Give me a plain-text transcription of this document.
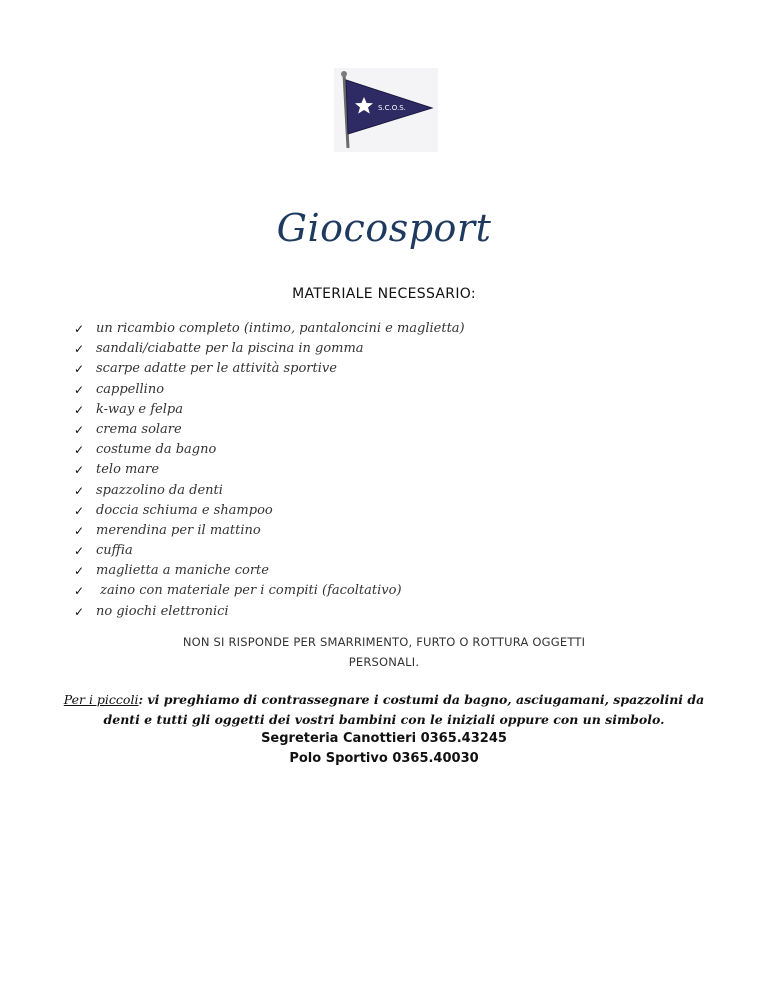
S.C.O.S.
Giocosport
MATERIALE NECESSARIO:
✓ un ricambio completo (intimo, pantaloncini e maglietta)
✓ sandali/ciabatte per la piscina in gomma
✓ scarpe adatte per le attività sportive
✓ cappellino
✓ k-way e felpa
✓ crema solare
✓ costume da bagno
✓ telo mare
✓ spazzolino da denti
✓ doccia schiuma e shampoo
✓ merendina per il mattino
✓ cuffia
✓ maglietta a maniche corte
✓ zaino con materiale per i compiti (facoltativo)
✓ no giochi elettronici
NON SI RISPONDE PER SMARRIMENTO, FURTO O ROTTURA OGGETTI
PERSONALI.
Per i piccoli: vi preghiamo di contrassegnare i costumi da bagno, asciugamani, spazzolini da denti e tutti gli oggetti dei vostri bambini con le iniziali oppure con un simbolo.
Segreteria Canottieri 0365.43245
Polo Sportivo 0365.40030
